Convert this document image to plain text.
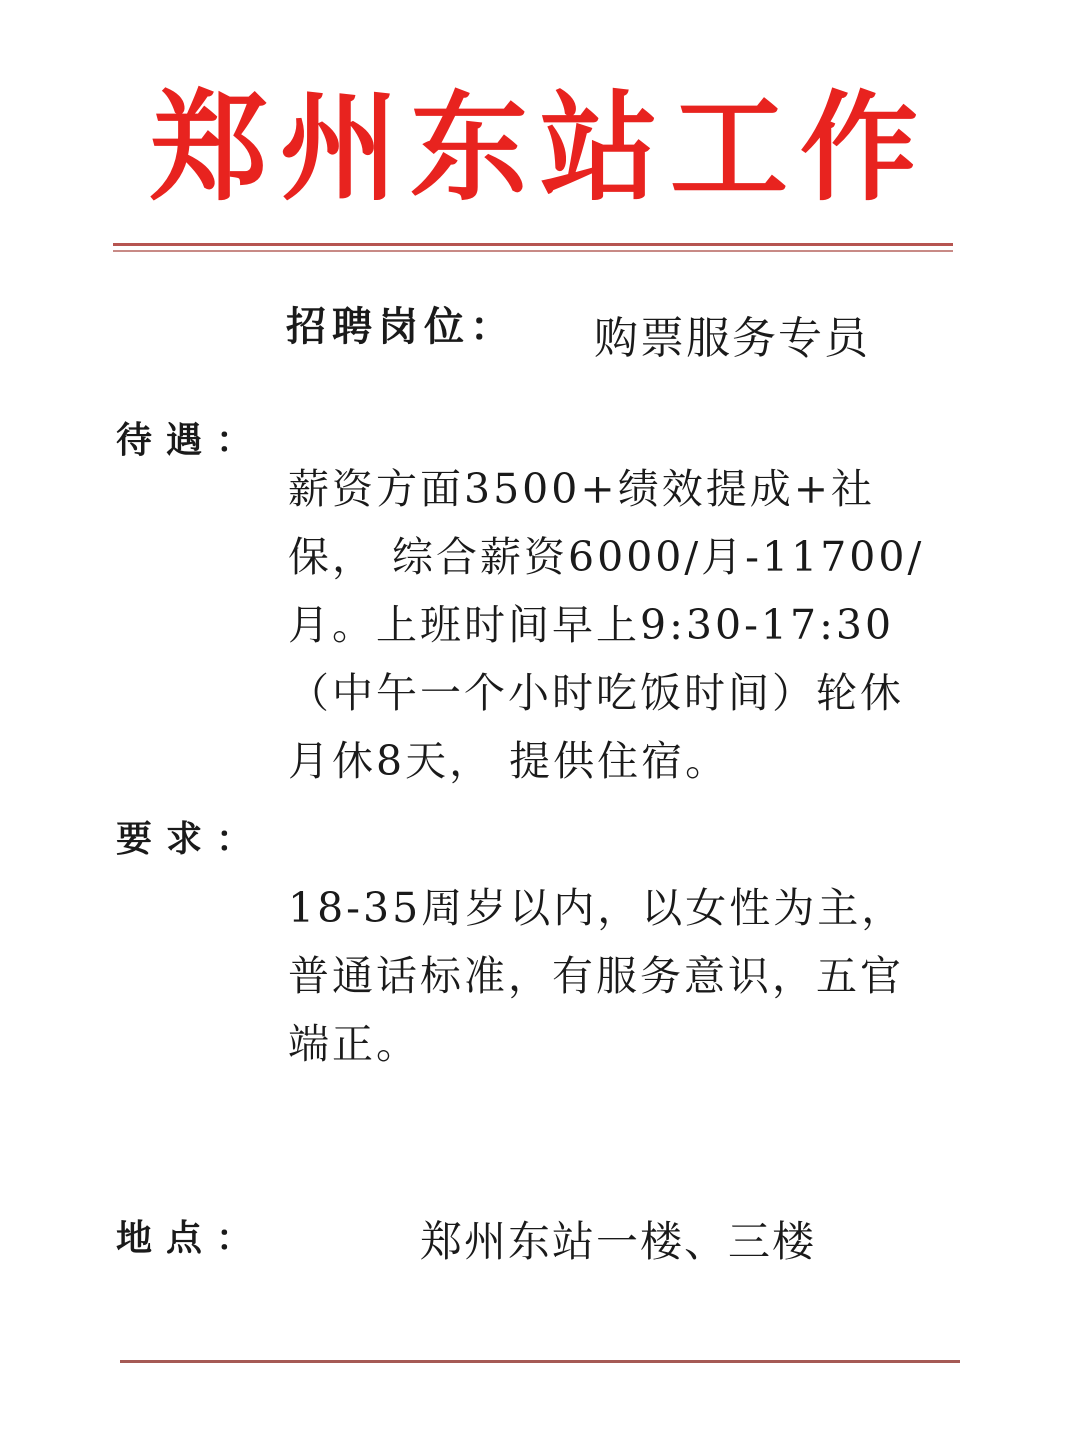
郑州东站工作
招聘岗位： 购票服务专员
待遇：
薪资方面3500+绩效提成+社
保， 综合薪资6000/月-11700/
月。上班时间早上9:30-17:30
（中午一个小时吃饭时间）轮休
月休8天， 提供住宿。
要求：
18-35周岁以内，以女性为主，
普通话标准，有服务意识，五官
端正。
地点：	郑州东站一楼、三楼
